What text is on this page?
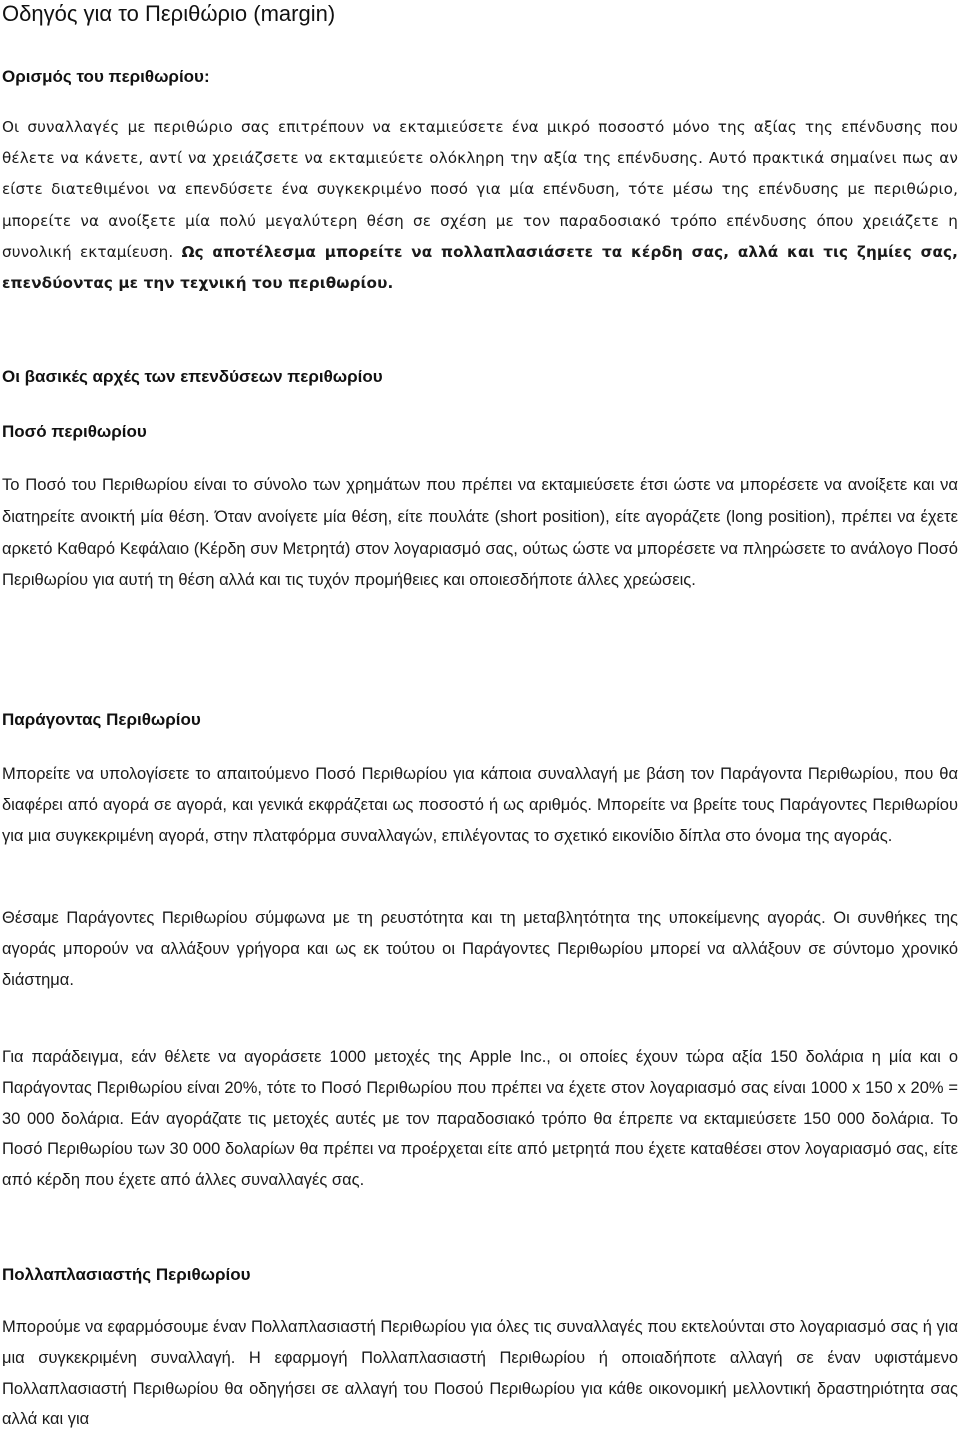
Οδηγός για το Περιθώριο (margin)
Ορισμός του περιθωρίου:

Οι συναλλαγές με περιθώριο σας επιτρέπουν να εκταμιεύσετε ένα μικρό ποσοστό μόνο της αξίας της επένδυσης που θέλετε να κάνετε, αντί να χρειάζσετε να εκταμιεύετε ολόκληρη την αξία της επένδυσης. Αυτό πρακτικά σημαίνει πως αν είστε διατεθιμένοι να επενδύσετε ένα συγκεκριμένο ποσό για μία επένδυση, τότε μέσω της επένδυσης με περιθώριο, μπορείτε να ανοίξετε μία πολύ μεγαλύτερη θέση σε σχέση με τον παραδοσιακό τρόπο επένδυσης όπου χρειάζετε η συνολική εκταμίευση. Ως αποτέλεσμα μπορείτε να πολλαπλασιάσετε τα κέρδη σας, αλλά και τις ζημίες σας, επενδύοντας με την τεχνική του περιθωρίου.

Οι βασικές αρχές των επενδύσεων περιθωρίου
Ποσό περιθωρίου

Το Ποσό του Περιθωρίου είναι το σύνολο των χρημάτων που πρέπει να εκταμιεύσετε έτσι ώστε να μπορέσετε να ανοίξετε και να διατηρείτε ανοικτή μία θέση. Όταν ανοίγετε μία θέση, είτε πουλάτε (short position), είτε αγοράζετε (long position), πρέπει να έχετε αρκετό Καθαρό Κεφάλαιο (Κέρδη συν Μετρητά) στον λογαριασμό σας, ούτως ώστε να μπορέσετε να πληρώσετε το ανάλογο Ποσό Περιθωρίου για αυτή τη θέση αλλά και τις τυχόν προμήθειες και οποιεσδήποτε άλλες χρεώσεις.

Παράγοντας Περιθωρίου

Μπορείτε να υπολογίσετε το απαιτούμενο Ποσό Περιθωρίου για κάποια συναλλαγή με βάση τον Παράγοντα Περιθωρίου, που θα διαφέρει από αγορά σε αγορά, και γενικά εκφράζεται ως ποσοστό ή ως αριθμός. Μπορείτε να βρείτε τους Παράγοντες Περιθωρίου για μια συγκεκριμένη αγορά, στην πλατφόρμα συναλλαγών, επιλέγοντας το σχετικό εικονίδιο δίπλα στο όνομα της αγοράς.

Θέσαμε Παράγοντες Περιθωρίου σύμφωνα με τη ρευστότητα και τη μεταβλητότητα της υποκείμενης αγοράς. Οι συνθήκες της αγοράς μπορούν να αλλάξουν γρήγορα και ως εκ τούτου οι Παράγοντες Περιθωρίου μπορεί να αλλάξουν σε σύντομο χρονικό διάστημα.

Για παράδειγμα, εάν θέλετε να αγοράσετε 1000 μετοχές της Apple Inc., οι οποίες έχουν τώρα αξία 150 δολάρια η μία και ο Παράγοντας Περιθωρίου είναι 20%, τότε το Ποσό Περιθωρίου που πρέπει να έχετε στον λογαριασμό σας είναι 1000 x 150 x 20% = 30 000 δολάρια. Εάν αγοράζατε τις μετοχές αυτές με τον παραδοσιακό τρόπο θα έπρεπε να εκταμιεύσετε 150 000 δολάρια. Το Ποσό Περιθωρίου των 30 000 δολαρίων θα πρέπει να προέρχεται είτε από μετρητά που έχετε καταθέσει στον λογαριασμό σας, είτε από κέρδη που έχετε από άλλες συναλλαγές σας.

Πολλαπλασιαστής Περιθωρίου

Μπορούμε να εφαρμόσουμε έναν Πολλαπλασιαστή Περιθωρίου για όλες τις συναλλαγές που εκτελούνται στο λογαριασμό σας ή για μια συγκεκριμένη συναλλαγή. Η εφαρμογή Πολλαπλασιαστή Περιθωρίου ή οποιαδήποτε αλλαγή σε έναν υφιστάμενο Πολλαπλασιαστή Περιθωρίου θα οδηγήσει σε αλλαγή του Ποσού Περιθωρίου για κάθε οικονομική μελλοντική δραστηριότητα σας αλλά και για
